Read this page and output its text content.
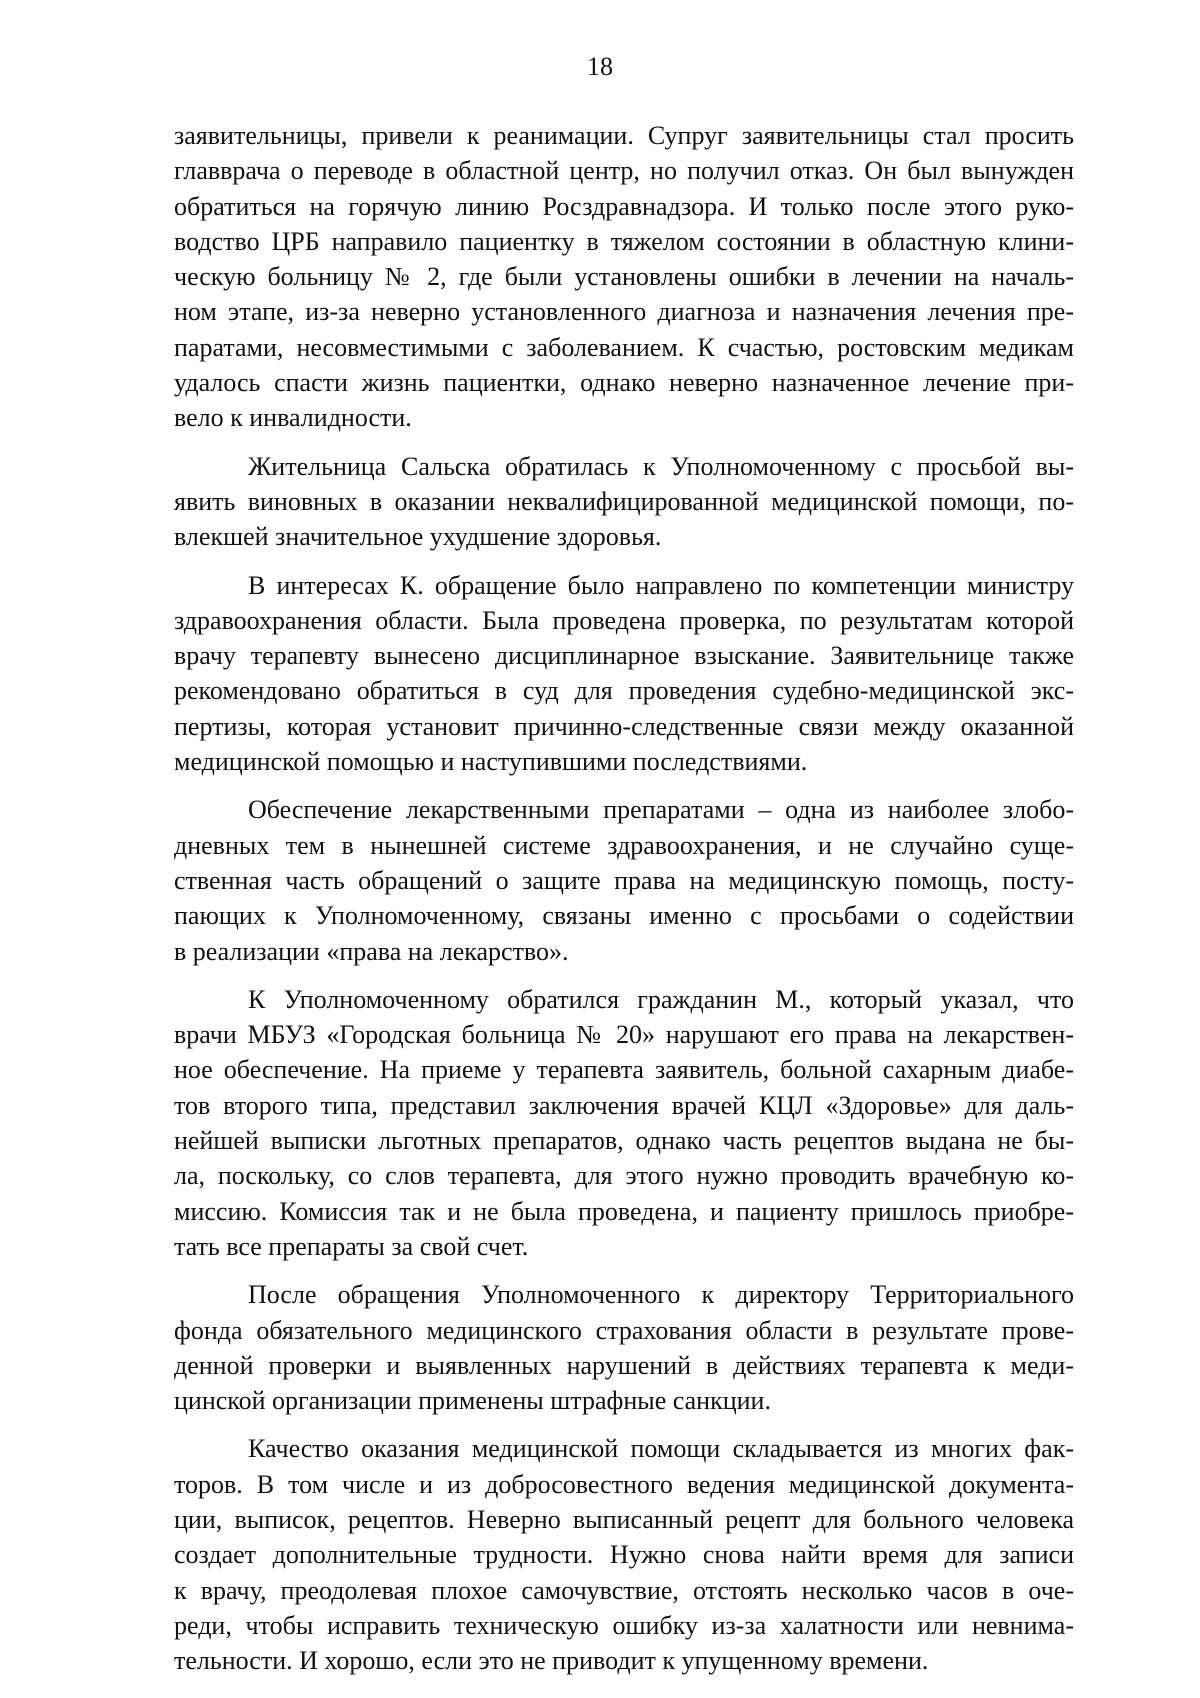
18

заявительницы, привели к реанимации. Супруг заявительницы стал просить
главврача о переводе в областной центр, но получил отказ. Он был вынужден
обратиться на горячую линию Росздравнадзора. И только после этого руко-
водство ЦРБ направило пациентку в тяжелом состоянии в областную клини-
ческую больницу № 2, где были установлены ошибки в лечении на началь-
ном этапе, из-за неверно установленного диагноза и назначения лечения пре-
паратами, несовместимыми с заболеванием. К счастью, ростовским медикам
удалось спасти жизнь пациентки, однако неверно назначенное лечение при-
вело к инвалидности.

Жительница Сальска обратилась к Уполномоченному с просьбой вы-
явить виновных в оказании неквалифицированной медицинской помощи, по-
влекшей значительное ухудшение здоровья.

В интересах К. обращение было направлено по компетенции министру
здравоохранения области. Была проведена проверка, по результатам которой
врачу терапевту вынесено дисциплинарное взыскание. Заявительнице также
рекомендовано обратиться в суд для проведения судебно-медицинской экс-
пертизы, которая установит причинно-следственные связи между оказанной
медицинской помощью и наступившими последствиями.

Обеспечение лекарственными препаратами – одна из наиболее злобо-
дневных тем в нынешней системе здравоохранения, и не случайно суще-
ственная часть обращений о защите права на медицинскую помощь, посту-
пающих к Уполномоченному, связаны именно с просьбами о содействии
в реализации «права на лекарство».

К Уполномоченному обратился гражданин М., который указал, что
врачи МБУЗ «Городская больница № 20» нарушают его права на лекарствен-
ное обеспечение. На приеме у терапевта заявитель, больной сахарным диабе-
тов второго типа, представил заключения врачей КЦЛ «Здоровье» для даль-
нейшей выписки льготных препаратов, однако часть рецептов выдана не бы-
ла, поскольку, со слов терапевта, для этого нужно проводить врачебную ко-
миссию. Комиссия так и не была проведена, и пациенту пришлось приобре-
тать все препараты за свой счет.

После обращения Уполномоченного к директору Территориального
фонда обязательного медицинского страхования области в результате прове-
денной проверки и выявленных нарушений в действиях терапевта к меди-
цинской организации применены штрафные санкции.

Качество оказания медицинской помощи складывается из многих фак-
торов. В том числе и из добросовестного ведения медицинской документа-
ции, выписок, рецептов. Неверно выписанный рецепт для больного человека
создает дополнительные трудности. Нужно снова найти время для записи
к врачу, преодолевая плохое самочувствие, отстоять несколько часов в оче-
реди, чтобы исправить техническую ошибку из-за халатности или невнима-
тельности. И хорошо, если это не приводит к упущенному времени.
